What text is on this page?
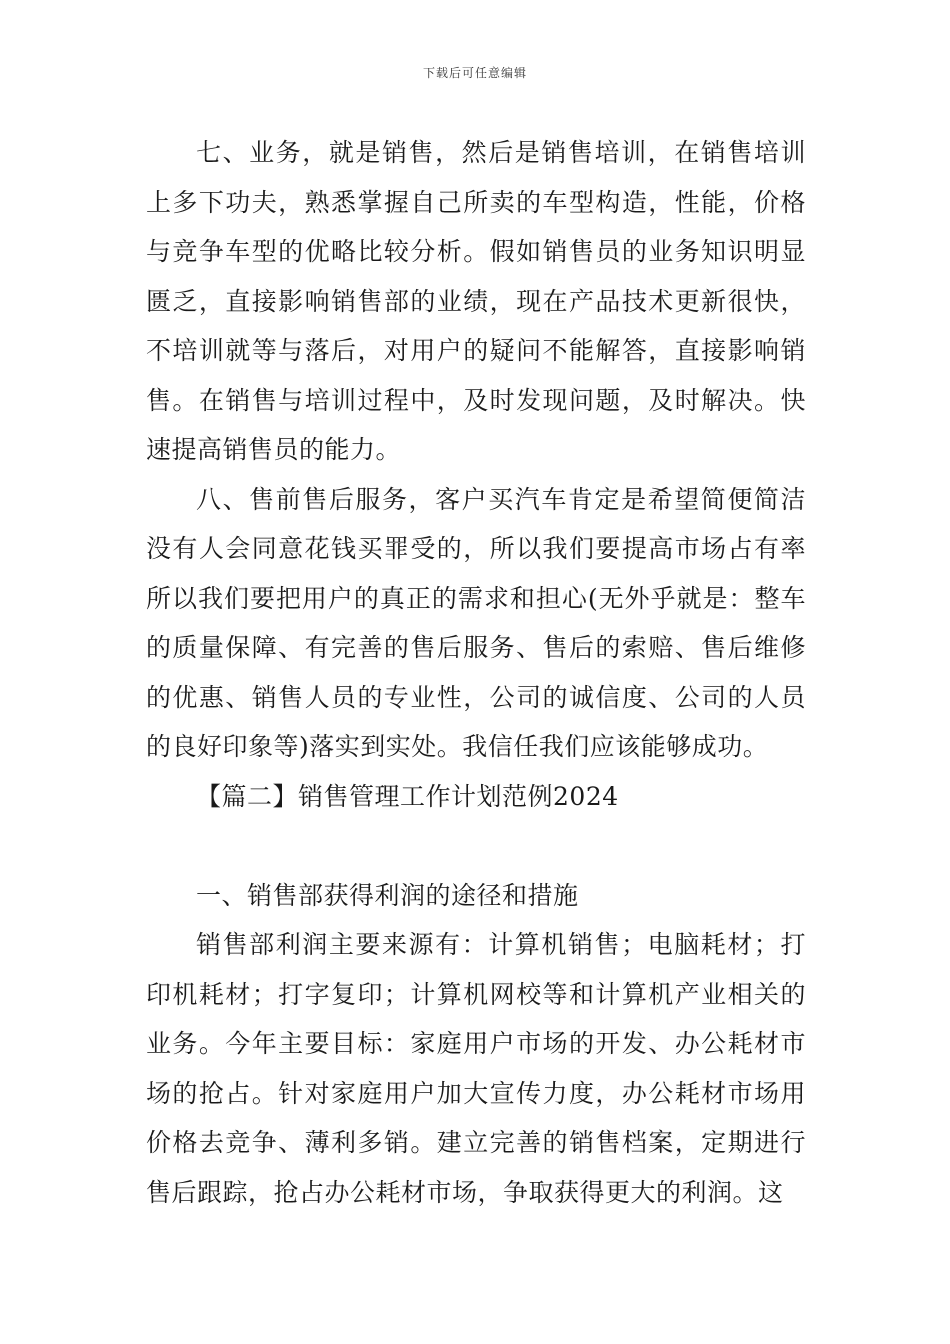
下载后可任意编辑

七、业务，就是销售，然后是销售培训，在销售培训上多下功夫，熟悉掌握自己所卖的车型构造，性能，价格与竞争车型的优略比较分析。假如销售员的业务知识明显匮乏，直接影响销售部的业绩，现在产品技术更新很快，不培训就等与落后，对用户的疑问不能解答，直接影响销售。在销售与培训过程中，及时发现问题，及时解决。快速提高销售员的能力。

八、售前售后服务，客户买汽车肯定是希望简便简洁没有人会同意花钱买罪受的，所以我们要提高市场占有率所以我们要把用户的真正的需求和担心(无外乎就是：整车的质量保障、有完善的售后服务、售后的索赔、售后维修的优惠、销售人员的专业性，公司的诚信度、公司的人员的良好印象等)落实到实处。我信任我们应该能够成功。

【篇二】销售管理工作计划范例2024

一、销售部获得利润的途径和措施

销售部利润主要来源有：计算机销售；电脑耗材；打印机耗材；打字复印；计算机网校等和计算机产业相关的业务。今年主要目标：家庭用户市场的开发、办公耗材市场的抢占。针对家庭用户加大宣传力度，办公耗材市场用价格去竞争、薄利多销。建立完善的销售档案，定期进行售后跟踪，抢占办公耗材市场，争取获得更大的利润。这
